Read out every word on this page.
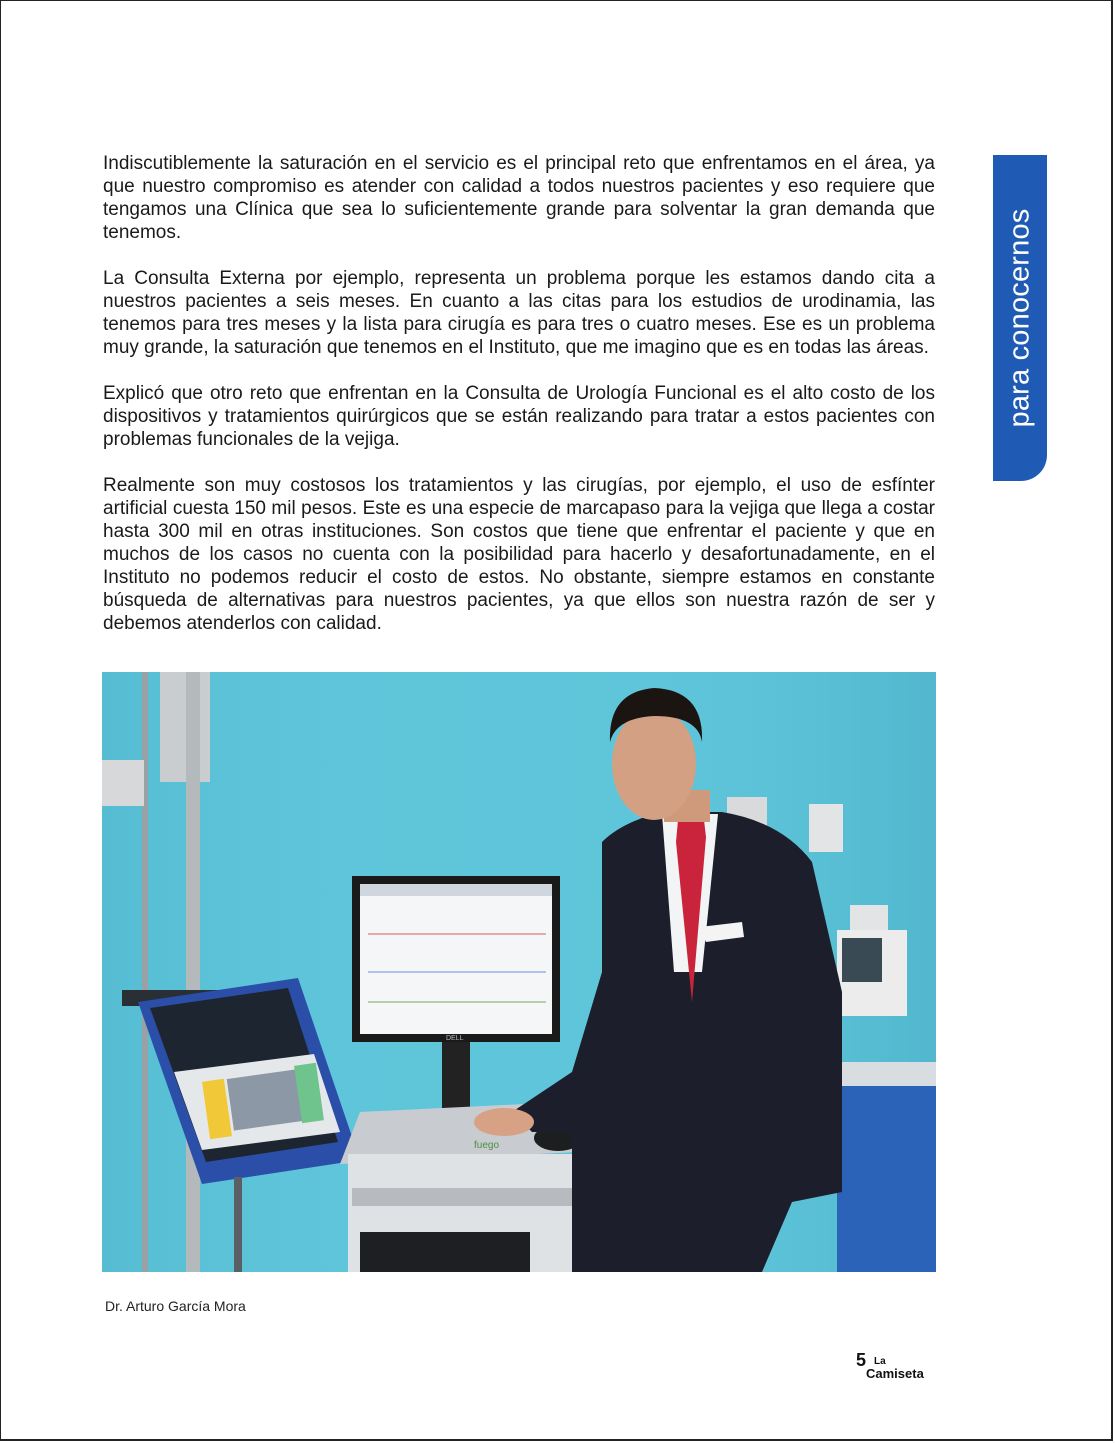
Indiscutiblemente la saturación en el servicio es el principal reto que enfrentamos en el área, ya que nuestro compromiso es atender con calidad a todos nuestros pacientes y eso requiere que tengamos una Clínica que sea lo suficientemente grande para solventar la gran demanda que tenemos.

La Consulta Externa por ejemplo, representa un problema porque les estamos dando cita a nuestros pacientes a seis meses. En cuanto a las citas para los estudios de urodinamia, las tenemos para tres meses y la lista para cirugía es para tres o cuatro meses. Ese es un problema muy grande, la saturación que tenemos en el Instituto, que me imagino que es en todas las áreas.

Explicó que otro reto que enfrentan en la Consulta de Urología Funcional es el alto costo de los dispositivos y tratamientos quirúrgicos que se están realizando para tratar a estos pacientes con problemas funcionales de la vejiga.

Realmente son muy costosos los tratamientos y las cirugías, por ejemplo, el uso de esfínter artificial cuesta 150 mil pesos. Este es una especie de marcapaso para la vejiga que llega a costar hasta 300 mil en otras instituciones. Son costos que tiene que enfrentar el paciente y que en muchos de los casos no cuenta con la posibilidad para hacerlo y desafortunadamente, en el Instituto no podemos reducir el costo de estos. No obstante, siempre estamos en constante búsqueda de alternativas para nuestros pacientes, ya que ellos son nuestra razón de ser y debemos atenderlos con calidad.

para conocernos
DELL
fuego
Dr. Arturo García Mora
5 La
Camiseta
